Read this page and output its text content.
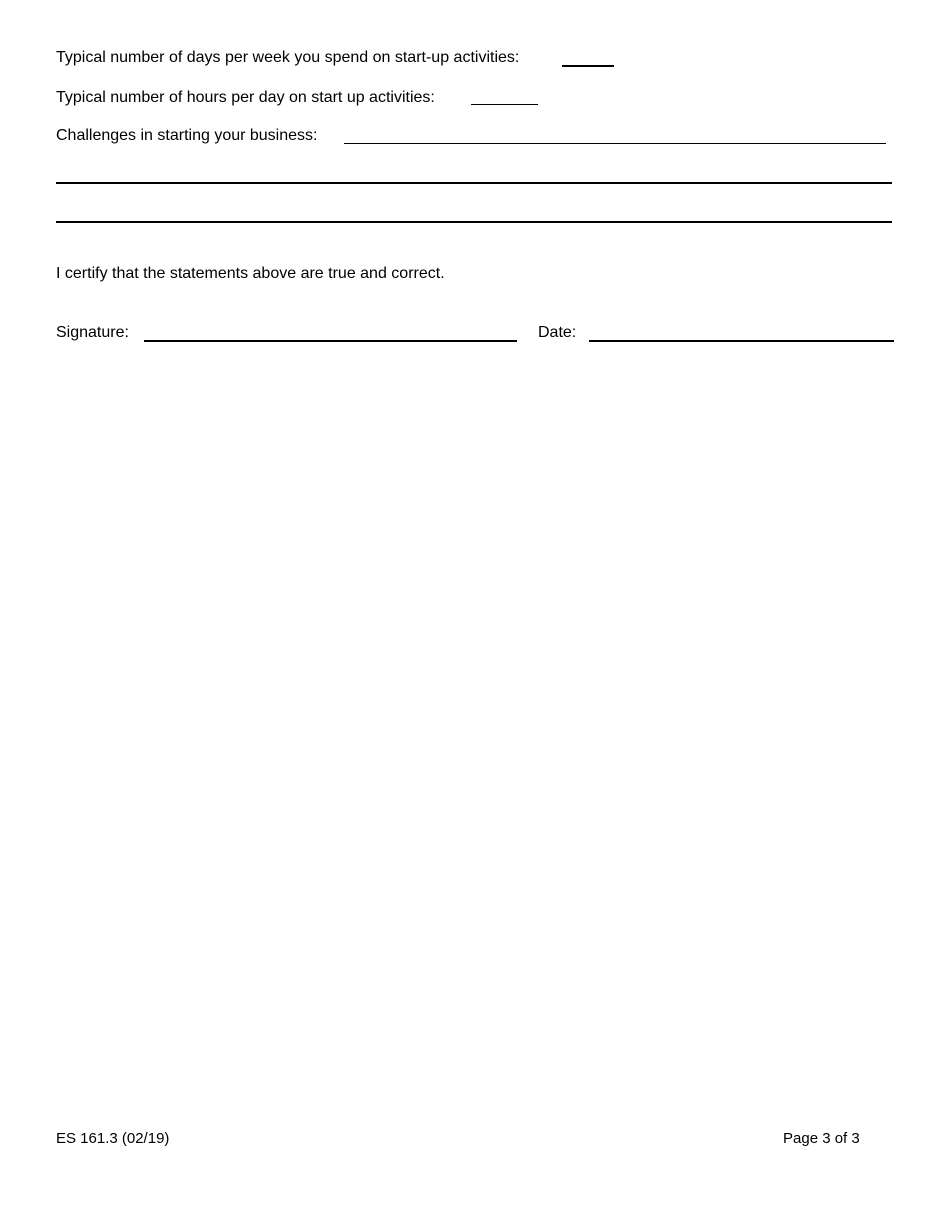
Typical number of days per week you spend on start-up activities:
Typical number of hours per day on start up activities:
Challenges in starting your business:
I certify that the statements above are true and correct.
Signature:	Date:
ES 161.3 (02/19)	Page 3 of 3
